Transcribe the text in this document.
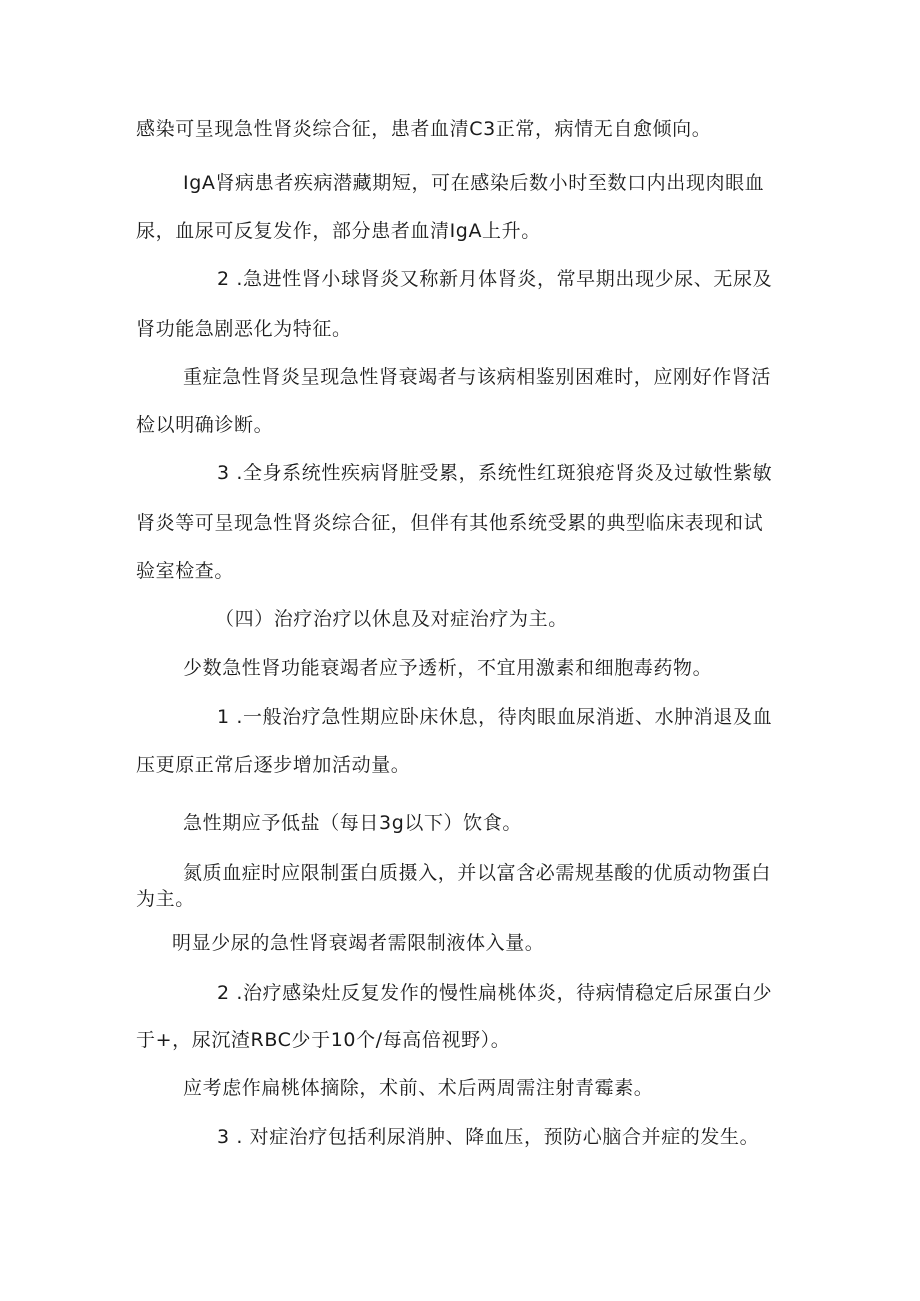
感染可呈现急性肾炎综合征，患者血清C3正常，病情无自愈倾向。
IgA肾病患者疾病潜藏期短，可在感染后数小时至数口内出现肉眼血
尿，血尿可反复发作，部分患者血清IgA上升。
2 .急进性肾小球肾炎又称新月体肾炎，常早期出现少尿、无尿及
肾功能急剧恶化为特征。
重症急性肾炎呈现急性肾衰竭者与该病相鉴别困难时，应刚好作肾活
检以明确诊断。
3 .全身系统性疾病肾脏受累，系统性红斑狼疮肾炎及过敏性紫敏
肾炎等可呈现急性肾炎综合征，但伴有其他系统受累的典型临床表现和试
验室检查。
（四）治疗治疗以休息及对症治疗为主。
少数急性肾功能衰竭者应予透析，不宜用激素和细胞毒药物。
1 .一般治疗急性期应卧床休息，待肉眼血尿消逝、水肿消退及血
压更原正常后逐步增加活动量。
急性期应予低盐（每日3g以下）饮食。
氮质血症时应限制蛋白质摄入，并以富含必需规基酸的优质动物蛋白
为主。
明显少尿的急性肾衰竭者需限制液体入量。
2 .治疗感染灶反复发作的慢性扁桃体炎，待病情稳定后尿蛋白少
于+，尿沉渣RBC少于10个/每高倍视野）。
应考虑作扁桃体摘除，术前、术后两周需注射青霉素。
3 . 对症治疗包括利尿消肿、降血压，预防心脑合并症的发生。
